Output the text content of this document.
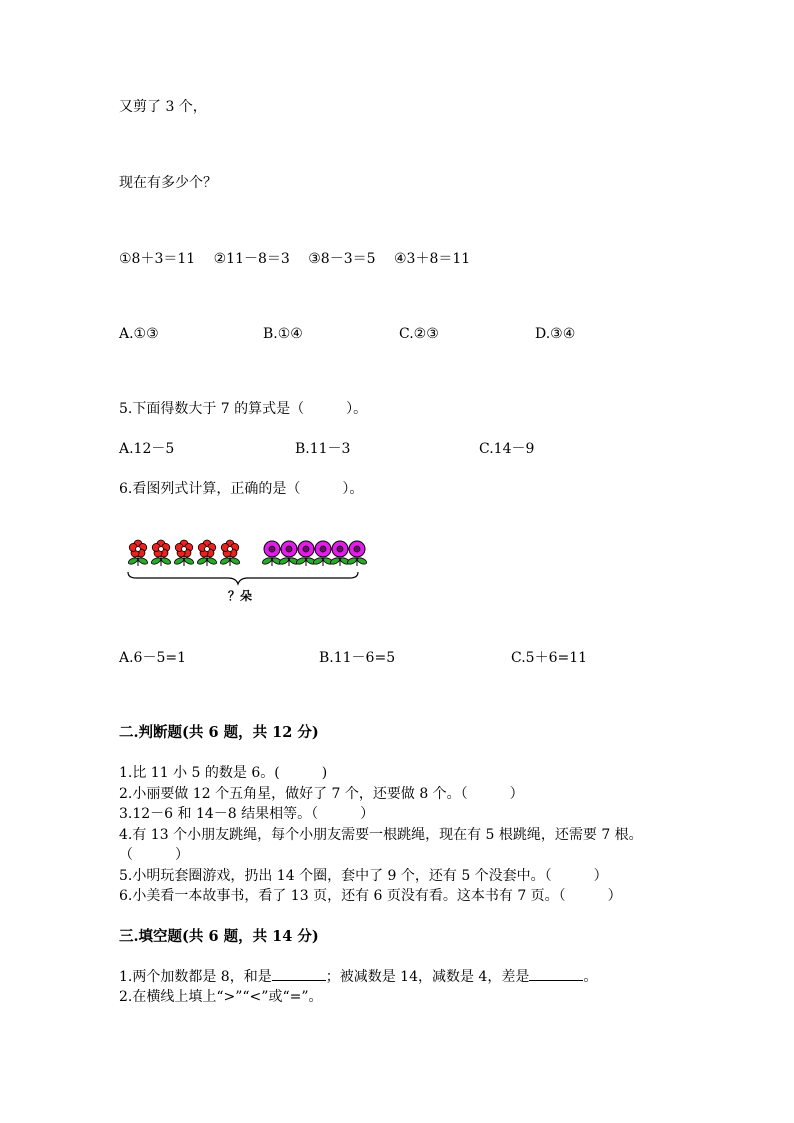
又剪了 3 个，
现在有多少个？
①8＋3＝11　 ②11－8＝3　 ③8－3＝5　 ④3＋8＝11
A.①③	B.①④	C.②③	D.③④
5.下面得数大于 7 的算式是（　　　）。
A.12－5	B.11－3	C.14－9
6.看图列式计算，正确的是（　　　）。
？朵
A.6－5=1	B.11－6=5	C.5＋6=11
二.判断题(共 6 题，共 12 分)

1.比 11 小 5 的数是 6。(　　　)

2.小丽要做 12 个五角星，做好了 7 个，还要做 8 个。（　　　）

3.12－6 和 14－8 结果相等。（　　　）

4.有 13 个小朋友跳绳，每个小朋友需要一根跳绳，现在有 5 根跳绳，还需要 7 根。（　　　）

5.小明玩套圈游戏，扔出 14 个圈，套中了 9 个，还有 5 个没套中。（　　　）

6.小美看一本故事书，看了 13 页，还有 6 页没有看。这本书有 7 页。（　　　）

三.填空题(共 6 题，共 14 分)
1.两个加数都是 8，和是	；被减数是 14，减数是 4，差是	。
2.在横线上填上“>”“<”或“=”。
